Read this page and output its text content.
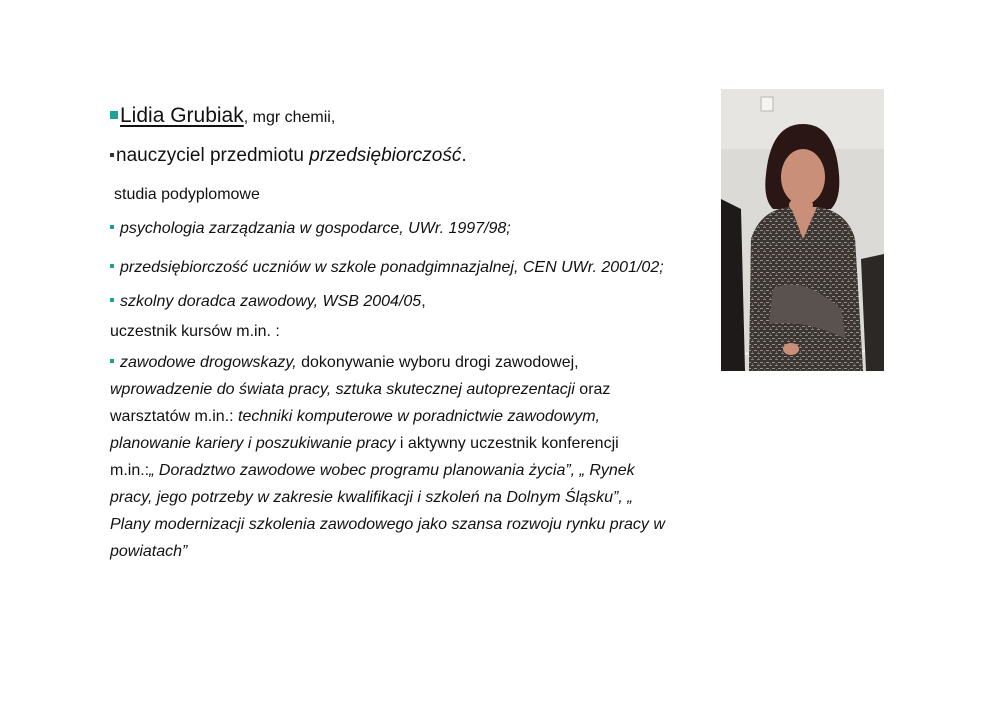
Lidia Grubiak, mgr chemii,
nauczyciel przedmiotu przedsiębiorczość.
studia podyplomowe
psychologia zarządzania w gospodarce, UWr. 1997/98;
przedsiębiorczość uczniów w szkole ponadgimnazjalnej, CEN UWr. 2001/02;
szkolny doradca zawodowy, WSB 2004/05,
uczestnik kursów m.in. :
zawodowe drogowskazy, dokonywanie wyboru drogi zawodowej,
wprowadzenie do świata pracy, sztuka skutecznej autoprezentacji oraz
warsztatów m.in.: techniki komputerowe w poradnictwie zawodowym,
planowanie kariery i poszukiwanie pracy i aktywny uczestnik konferencji
m.in.:„ Doradztwo zawodowe wobec programu planowania życia”, „ Rynek
pracy, jego potrzeby w zakresie kwalifikacji i szkoleń na Dolnym Śląsku”, „
Plany modernizacji szkolenia zawodowego jako szansa rozwoju rynku pracy w
powiatach”
